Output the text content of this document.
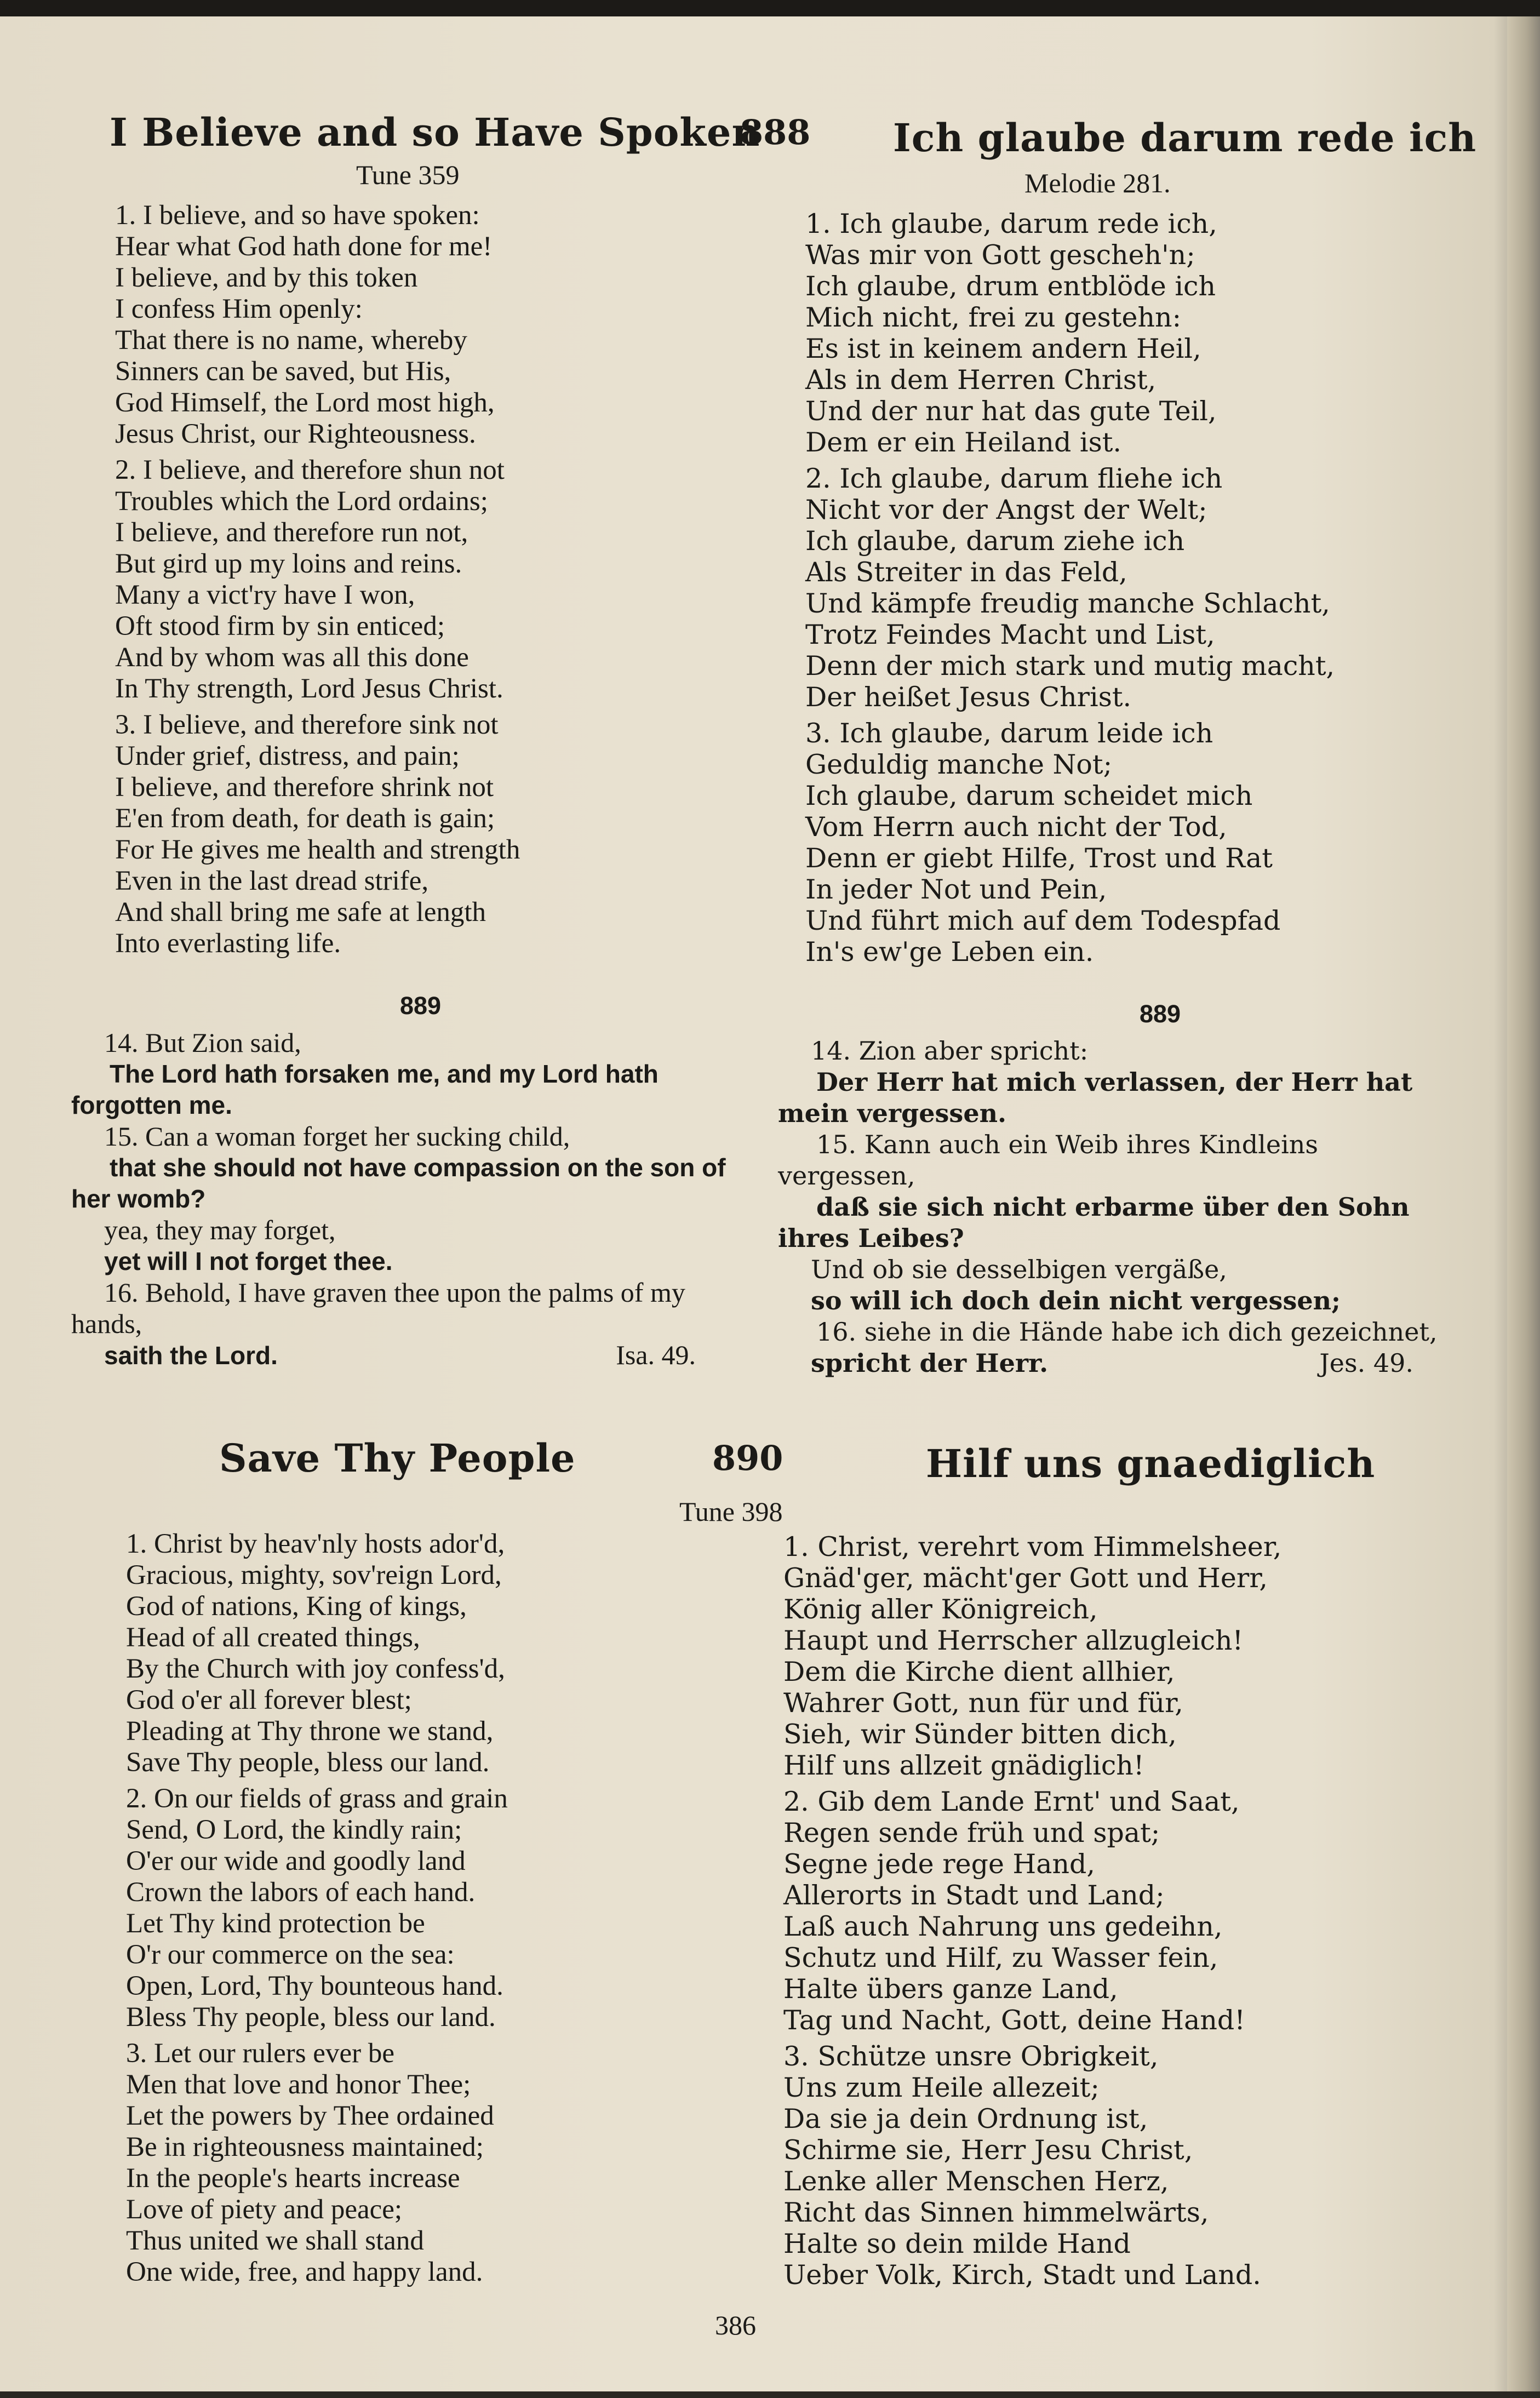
I Believe and so Have Spoken
888 Ich glaube darum rede ich
Tune 359	Melodie 281.

1. I believe, and so have spoken:

Hear what God hath done for me!

I believe, and by this token

I confess Him openly:

That there is no name, whereby

Sinners can be saved, but His,

God Himself, the Lord most high,

Jesus Christ, our Righteousness.

2. I believe, and therefore shun not

Troubles which the Lord ordains;

I believe, and therefore run not,

But gird up my loins and reins.

Many a vict'ry have I won,

Oft stood firm by sin enticed;

And by whom was all this done

In Thy strength, Lord Jesus Christ.

3. I believe, and therefore sink not

Under grief, distress, and pain;

I believe, and therefore shrink not

E'en from death, for death is gain;

For He gives me health and strength

Even in the last dread strife,

And shall bring me safe at length

Into everlasting life.

1. Ich glaube, darum rede ich,

Was mir von Gott gescheh'n;

Ich glaube, drum entblöde ich

Mich nicht, frei zu gestehn:

Es ist in keinem andern Heil,

Als in dem Herren Christ,

Und der nur hat das gute Teil,

Dem er ein Heiland ist.

2. Ich glaube, darum fliehe ich

Nicht vor der Angst der Welt;

Ich glaube, darum ziehe ich

Als Streiter in das Feld,

Und kämpfe freudig manche Schlacht,

Trotz Feindes Macht und List,

Denn der mich stark und mutig macht,

Der heißet Jesus Christ.

3. Ich glaube, darum leide ich

Geduldig manche Not;

Ich glaube, darum scheidet mich

Vom Herrn auch nicht der Tod,

Denn er giebt Hilfe, Trost und Rat

In jeder Not und Pein,

Und führt mich auf dem Todespfad

In's ew'ge Leben ein.

889	889

14. But Zion said,

The Lord hath forsaken me, and my Lord hath forgotten me.

15. Can a woman forget her sucking child,

that she should not have compassion on the son of her womb?

yea, they may forget,

yet will I not forget thee.

16. Behold, I have graven thee upon the palms of my hands,

saith the Lord.	Isa. 49.

14. Zion aber spricht:

Der Herr hat mich verlassen, der Herr hat mein vergessen.

15. Kann auch ein Weib ihres Kindleins vergessen,

daß sie sich nicht erbarme über den Sohn ihres Leibes?

Und ob sie desselbigen vergäße,

so will ich doch dein nicht vergessen;

16. siehe in die Hände habe ich dich gezeichnet,

spricht der Herr.	Jes. 49.

Save Thy People	890	Hilf uns gnaediglich
Tune 398

1. Christ by heav'nly hosts ador'd,

Gracious, mighty, sov'reign Lord,

God of nations, King of kings,

Head of all created things,

By the Church with joy confess'd,

God o'er all forever blest;

Pleading at Thy throne we stand,

Save Thy people, bless our land.

2. On our fields of grass and grain

Send, O Lord, the kindly rain;

O'er our wide and goodly land

Crown the labors of each hand.

Let Thy kind protection be

O'r our commerce on the sea:

Open, Lord, Thy bounteous hand.

Bless Thy people, bless our land.

3. Let our rulers ever be

Men that love and honor Thee;

Let the powers by Thee ordained

Be in righteousness maintained;

In the people's hearts increase

Love of piety and peace;

Thus united we shall stand

One wide, free, and happy land.

1. Christ, verehrt vom Himmelsheer,

Gnäd'ger, mächt'ger Gott und Herr,

König aller Königreich,

Haupt und Herrscher allzugleich!

Dem die Kirche dient allhier,

Wahrer Gott, nun für und für,

Sieh, wir Sünder bitten dich,

Hilf uns allzeit gnädiglich!

2. Gib dem Lande Ernt' und Saat,

Regen sende früh und spat;

Segne jede rege Hand,

Allerorts in Stadt und Land;

Laß auch Nahrung uns gedeihn,

Schutz und Hilf, zu Wasser fein,

Halte übers ganze Land,

Tag und Nacht, Gott, deine Hand!

3. Schütze unsre Obrigkeit,

Uns zum Heile allezeit;

Da sie ja dein Ordnung ist,

Schirme sie, Herr Jesu Christ,

Lenke aller Menschen Herz,

Richt das Sinnen himmelwärts,

Halte so dein milde Hand

Ueber Volk, Kirch, Stadt und Land.

386
